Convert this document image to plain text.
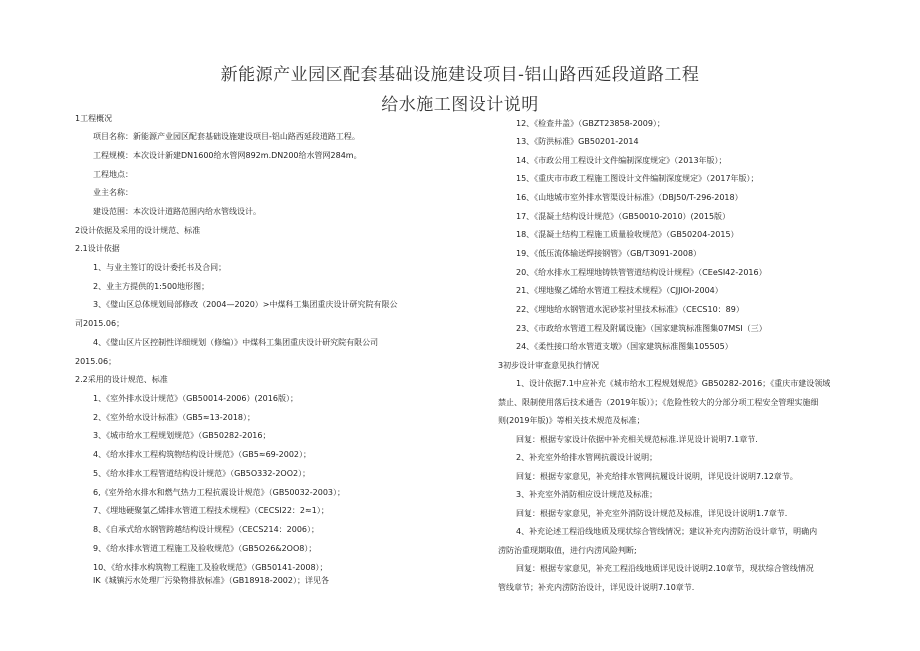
新能源产业园区配套基础设施建设项目-铝山路西延段道路工程
给水施工图设计说明
1工程概况
项目名称：新能源产业园区配套基础设施建设项目-铝山路西延段道路工程。
工程规模：本次设计新建DN1600给水管网892m.DN200给水管网284m。
工程地点：
业主名称：
建设范围：本次设计道路范围内给水管线设计。
2设计依据及采用的设计规范、标准
2.1设计依据
1、与业主签订的设计委托书及合同；
2、业主方提供的1:500地形图；
3、《璧山区总体规划局部修改（2004—2020）>中煤科工集团重庆设计研究院有限公
司2015.06；
4、《璧山区片区控制性详细规划（修编）》中煤科工集团重庆设计研究院有限公司
2015.06；
2.2采用的设计规范、标准
1、《室外排水设计规范》（GB50014-2006）(2016版）；
2、《室外给水设计标准》（GB5≈13-2018）；
3、《城市给水工程规划规范》（GB50282-2016；
4、《给水排水工程构筑物结构设计规范》（GB5≈69-2002）；
5、《给水排水工程管道结构设计规范》（GB5O332-2OO2）；
6,《室外给水排水和燃气热力工程抗震设计规范》（GB50032-2003）；
7、《埋地硬聚氯乙烯排水管道工程技术规程》（CECSI22：2≈1）；
8、《自承式给水钢管跨越结构设计规程》（CECS214：2006）；
9、《给水排水管道工程施工及验收规范》（GB5O26&2OO8）；
10、《给水排水构筑物工程施工及验收规范》（GB50141-2008）；
IK《城镇污水处理厂污染物排放标准》（GB18918-2002）；详见各
12、《检查井盖》（GBZT23858-2009）；
13、《防洪标准》GB50201-2014
14、《市政公用工程设计文件编制深度规定》（2013年版）；
15、《重庆市市政工程施工图设计文件编制深度规定》（2017年版）；
16、《山地城市室外排水管渠设计标准》（DBJ50/T-296-2018）
17、《混凝土结构设计规范》（GB50010-2010）(2015版）
18、《混凝土结构工程施工质量验收规范》（GB50204-2015）
19、《低压流体输送焊接钢管》（GB/T3091-2008）
20、《给水排水工程埋地铸铁管管道结构设计规程》（CEeSI42-2016）
21、《埋地聚乙烯给水管道工程技术规程》（CJJIOI-2004）
22、《埋地给水钢管道水泥砂浆衬里技术标准》（CECS10：89）
23、《市政给水管道工程及附属设施》（国家建筑标准图集07MSI（三）
24、《柔性接口给水管道支墩》（国家建筑标准图集105505）
3初步设计审查意见执行情况
1、设计依据7.1中应补充《城市给水工程规划规范》GB50282-2016；《重庆市建设领域
禁止、限制使用落后技术通告（2019年版）》；《危险性较大的分部分项工程安全管理实施细
则(2019年版)》等相关技术规范及标准；
回复：根据专家设计依据中补充相关规范标准.详见设计说明7.1章节.
2、补充室外给排水管网抗震设计说明；
回复：根据专家意见，补充给排水管网抗履设计说明，详见设计说明7.12章节。
3、补充室外消防相应设计规范及标准；
回复：根据专家意见，补充室外消防设计规范及标准，详见设计说明1.7章节.
4、补充论述工程沿线地质及现状综合管线情况；建议补充内涝防治设计章节，明确内
涝防治重现期取值，进行内涝风险判断;
回复：根据专家意见，补充工程沿线地质详见设计说明2.10章节，现状综合管线情况
管线章节；补充内涝防治设计，详见设计说明7.10章节.
